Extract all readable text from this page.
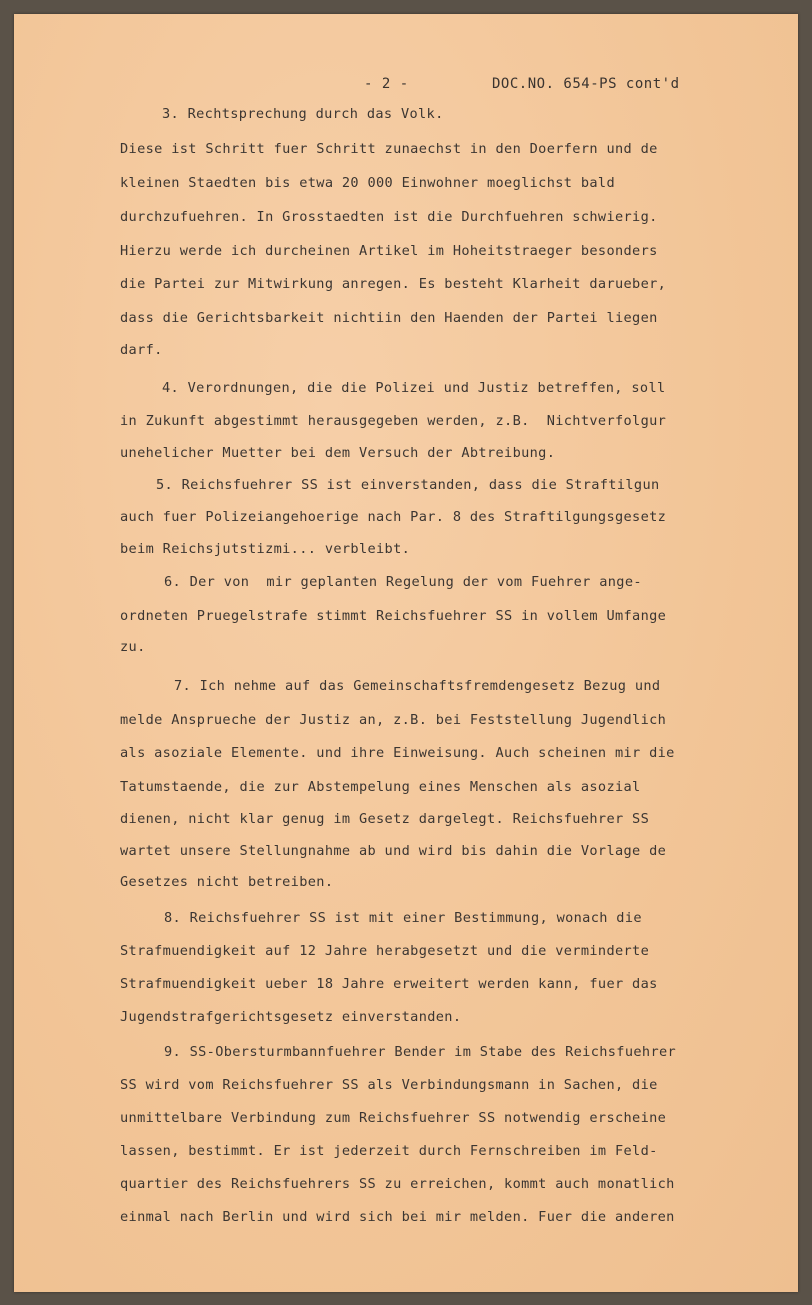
- 2 -	DOC.NO. 654-PS cont'd
3. Rechtsprechung durch das Volk.
Diese ist Schritt fuer Schritt zunaechst in den Doerfern und de
kleinen Staedten bis etwa 20 000 Einwohner moeglichst bald
durchzufuehren. In Grosstaedten ist die Durchfuehren schwierig.
Hierzu werde ich durcheinen Artikel im Hoheitstraeger besonders
die Partei zur Mitwirkung anregen. Es besteht Klarheit darueber,
dass die Gerichtsbarkeit nichtiin den Haenden der Partei liegen
darf.
4. Verordnungen, die die Polizei und Justiz betreffen, soll
in Zukunft abgestimmt herausgegeben werden, z.B.  Nichtverfolgur
unehelicher Muetter bei dem Versuch der Abtreibung.
5. Reichsfuehrer SS ist einverstanden, dass die Straftilgun
auch fuer Polizeiangehoerige nach Par. 8 des Straftilgungsgesetz
beim Reichsjutstizmi... verbleibt.
6. Der von  mir geplanten Regelung der vom Fuehrer ange-
ordneten Pruegelstrafe stimmt Reichsfuehrer SS in vollem Umfange
zu.
7. Ich nehme auf das Gemeinschaftsfremdengesetz Bezug und
melde Ansprueche der Justiz an, z.B. bei Feststellung Jugendlich
als asoziale Elemente. und ihre Einweisung. Auch scheinen mir die
Tatumstaende, die zur Abstempelung eines Menschen als asozial
dienen, nicht klar genug im Gesetz dargelegt. Reichsfuehrer SS
wartet unsere Stellungnahme ab und wird bis dahin die Vorlage de
Gesetzes nicht betreiben.
8. Reichsfuehrer SS ist mit einer Bestimmung, wonach die
Strafmuendigkeit auf 12 Jahre herabgesetzt und die verminderte
Strafmuendigkeit ueber 18 Jahre erweitert werden kann, fuer das
Jugendstrafgerichtsgesetz einverstanden.
9. SS-Obersturmbannfuehrer Bender im Stabe des Reichsfuehrer
SS wird vom Reichsfuehrer SS als Verbindungsmann in Sachen, die
unmittelbare Verbindung zum Reichsfuehrer SS notwendig erscheine
lassen, bestimmt. Er ist jederzeit durch Fernschreiben im Feld-
quartier des Reichsfuehrers SS zu erreichen, kommt auch monatlich
einmal nach Berlin und wird sich bei mir melden. Fuer die anderen
